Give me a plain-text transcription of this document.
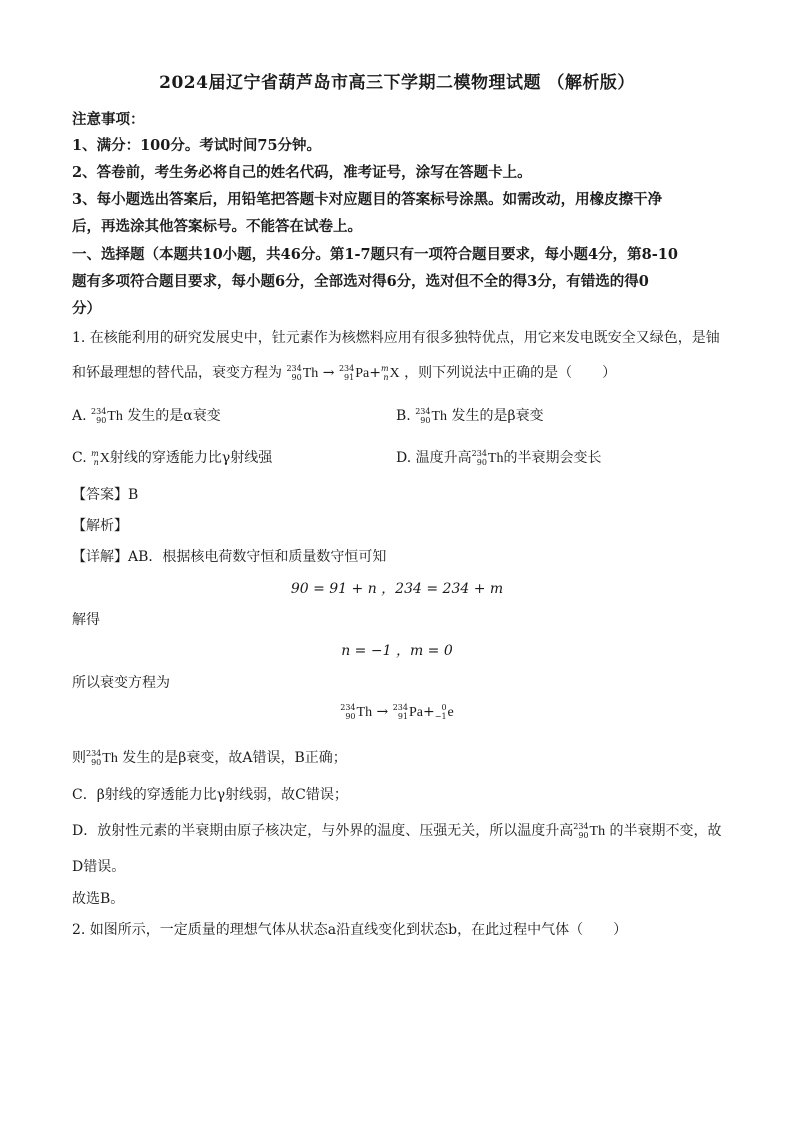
2024届辽宁省葫芦岛市高三下学期二模物理试题 （解析版）
注意事项：
1、满分：100分。考试时间75分钟。
2、答卷前，考生务必将自己的姓名代码，准考证号，涂写在答题卡上。
3、每小题选出答案后，用铅笔把答题卡对应题目的答案标号涂黑。如需改动，用橡皮擦干净
后，再选涂其他答案标号。不能答在试卷上。
一、选择题（本题共10小题，共46分。第1-7题只有一项符合题目要求，每小题4分，第8-10
题有多项符合题目要求，每小题6分，全部选对得6分，选对但不全的得3分，有错选的得0
分）
1. 在核能利用的研究发展史中，钍元素作为核燃料应用有很多独特优点，用它来发电既安全又绿色，是铀
和钚最理想的替代品，衰变方程为 234
90 Th → 234
91 Pa+ m
n X ，则下列说法中正确的是（ ）
A. 234
90 Th 发生的是α衰变	B. 234
90 Th 发生的是β衰变
C. m
n X射线的穿透能力比γ射线强	D. 温度升高 234
90 Th的半衰期会变长
【答案】B
【解析】
【详解】AB．根据核电荷数守恒和质量数守恒可知
90 = 91 + n ，234 = 234 + m
解得
n = −1 ，m = 0
所以衰变方程为
234
90 Th → 234
91 Pa+ 0
−1 e
则 234
90 Th 发生的是β衰变，故A错误，B正确；
C．β射线的穿透能力比γ射线弱，故C错误；
D．放射性元素的半衰期由原子核决定，与外界的温度、压强无关，所以温度升高 234
90 Th 的半衰期不变，故
D错误。
故选B。
2. 如图所示，一定质量的理想气体从状态a沿直线变化到状态b，在此过程中气体（ ）
